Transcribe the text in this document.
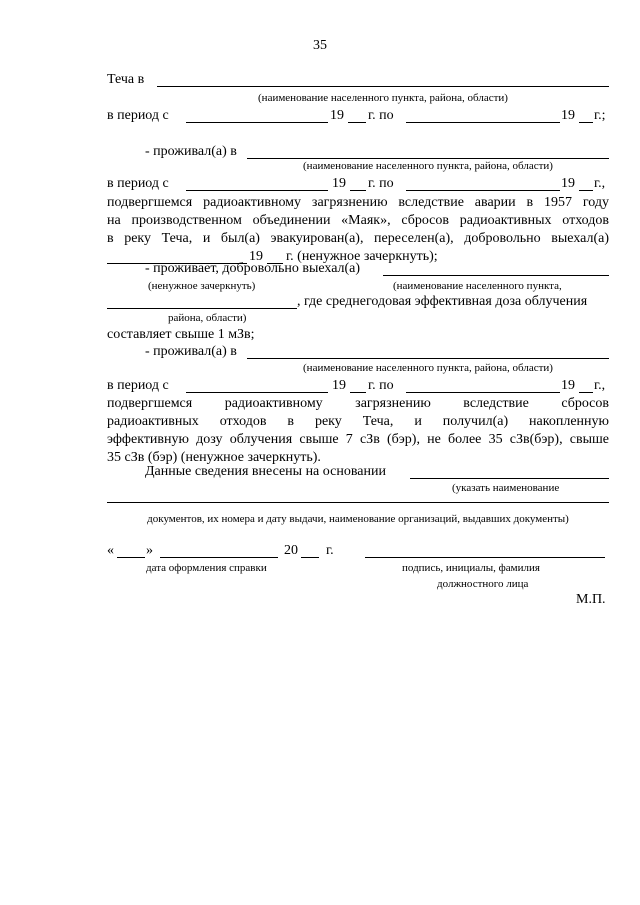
35
Теча в
(наименование населенного пункта, района, области)
в период с	19 г. по	19 г.;
- проживал(а) в
(наименование населенного пункта, района, области)
в период с	19 г. по	19 г.,
подвергшемся радиоактивному загрязнению вследствие аварии в 1957 году
на производственном объединении «Маяк», сбросов радиоактивных отходов
в реку Теча, и был(а) эвакуирован(а), переселен(а), добровольно выехал(а)
19 г. (ненужное зачеркнуть);
- проживает, добровольно выехал(а)
(ненужное зачеркнуть)	(наименование населенного пункта,
, где среднегодовая эффективная доза облучения
района, области)
составляет свыше 1 мЗв;
- проживал(а) в
(наименование населенного пункта, района, области)
в период с	19 г. по	19 г.,
подвергшемся радиоактивному загрязнению вследствие сбросов
радиоактивных отходов в реку Теча, и получил(а) накопленную
эффективную дозу облучения свыше 7 сЗв (бэр), не более 35 сЗв(бэр), свыше
35 сЗв (бэр) (ненужное зачеркнуть).
Данные сведения внесены на основании
(указать наименование
документов, их номера и дату выдачи, наименование организаций, выдавших документы)
« »	20 г.
дата оформления справки	подпись, инициалы, фамилия
должностного лица
М.П.
